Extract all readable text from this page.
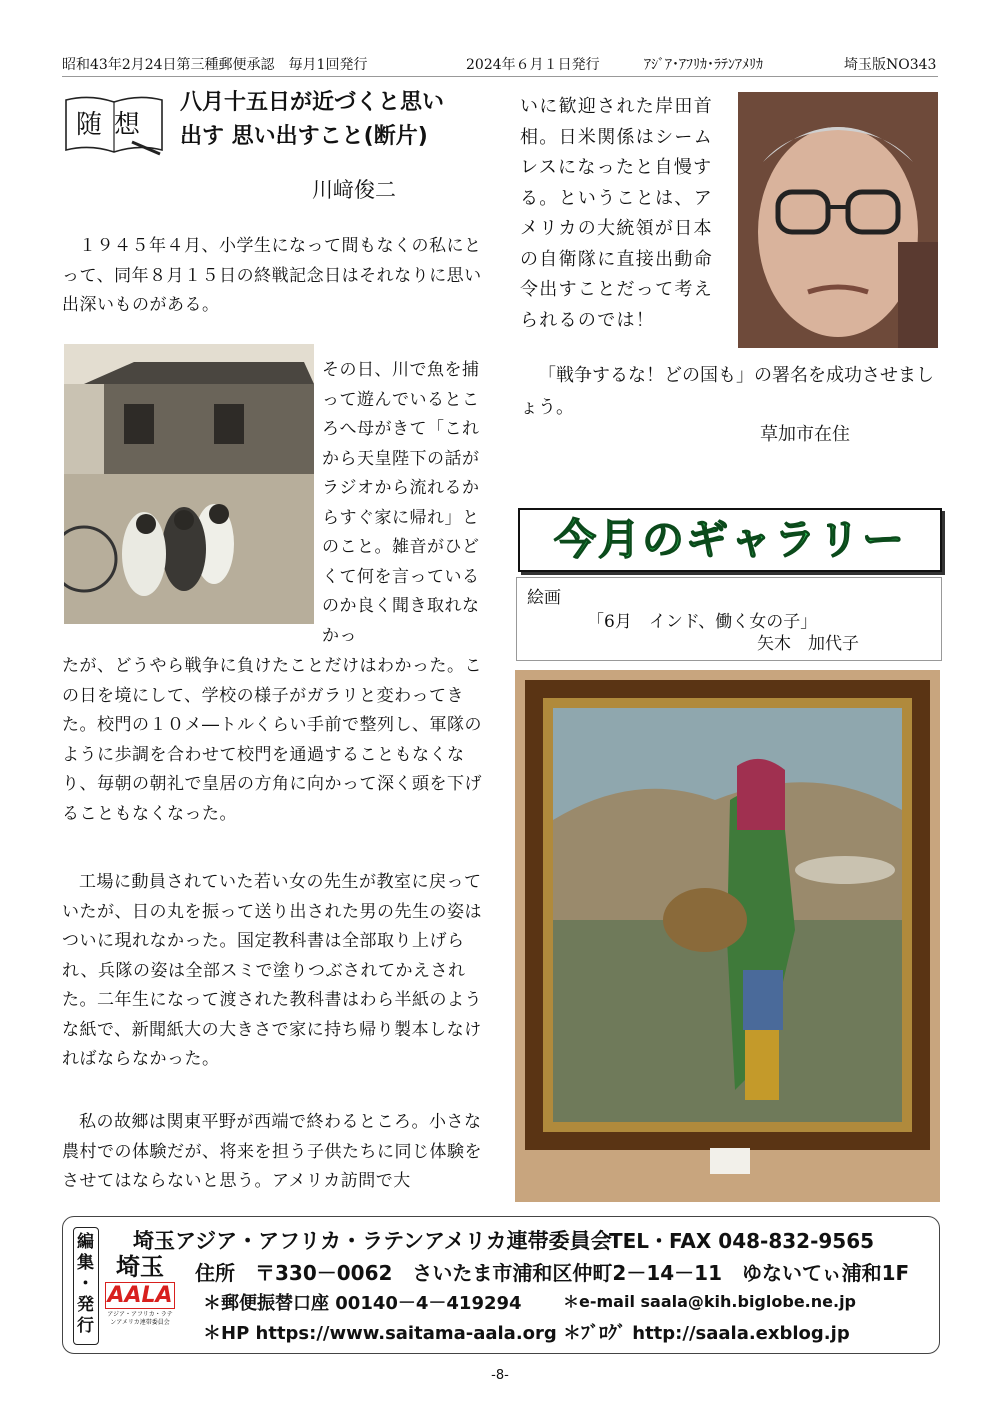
昭和43年2月24日第三種郵便承認　毎月1回発行	2024年６月１日発行	ｱｼﾞｱ･ｱﾌﾘｶ･ﾗﾃﾝｱﾒﾘｶ	埼玉版NO343
随想
八月十五日が近づくと思い
出す 思い出すこと(断片)
川﨑俊二
１９４５年４月、小学生になって間もなくの私にとって、同年８月１５日の終戦記念日はそれなりに思い出深いものがある。
その日、川で魚を捕って遊んでいるところへ母がきて「これから天皇陛下の話がラジオから流れるからすぐ家に帰れ」とのこと。雑音がひどくて何を言っているのか良く聞き取れなかっ
たが、どうやら戦争に負けたことだけはわかった。この日を境にして、学校の様子がガラリと変わってきた。校門の１０メ―トルくらい手前で整列し、軍隊のように歩調を合わせて校門を通過することもなくなり、毎朝の朝礼で皇居の方角に向かって深く頭を下げることもなくなった。
工場に動員されていた若い女の先生が教室に戻っていたが、日の丸を振って送り出された男の先生の姿はついに現れなかった。国定教科書は全部取り上げられ、兵隊の姿は全部スミで塗りつぶされてかえされた。二年生になって渡された教科書はわら半紙のような紙で、新聞紙大の大きさで家に持ち帰り製本しなければならなかった。
私の故郷は関東平野が西端で終わるところ。小さな農村での体験だが、将来を担う子供たちに同じ体験をさせてはならないと思う。アメリカ訪問で大
いに歓迎された岸田首相。日米関係はシームレスになったと自慢する。ということは、アメリカの大統領が日本の自衛隊に直接出動命令出すことだって考えられるのでは！
「戦争するな！どの国も」の署名を成功させましょう。
草加市在住
今月のギャラリー
絵画
「6月　インド、働く女の子」
矢木　加代子
編
集
・
発
行
埼玉
AALA
アジア・アフリカ・ラテンアメリカ連帯委員会
埼玉アジア・アフリカ・ラテンアメリカ連帯委員会
TEL・FAX 048-832-9565
住所　〒330－0062　さいたま市浦和区仲町2－14－11　ゆないてぃ浦和1F
＊郵便振替口座 00140－4－419294	＊e-mail saala@kih.biglobe.ne.jp
＊HP https://www.saitama-aala.org ＊ﾌﾞﾛｸﾞ http://saala.exblog.jp
-8-
